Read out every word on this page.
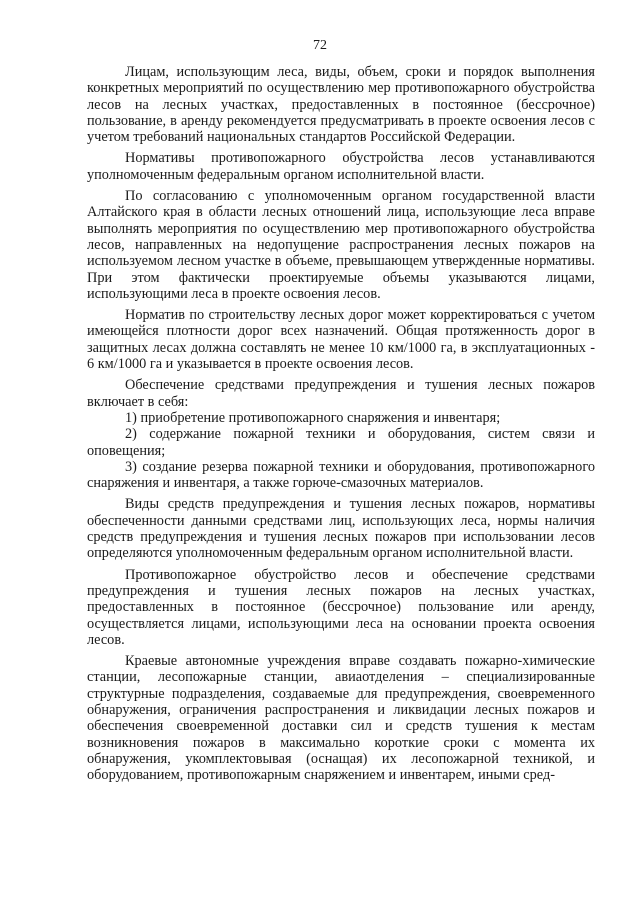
72

Лицам, использующим леса, виды, объем, сроки и порядок выполнения конкретных мероприятий по осуществлению мер противопожарного обустройства лесов на лесных участках, предоставленных в постоянное (бессрочное) пользование, в аренду рекомендуется предусматривать в проекте освоения лесов с учетом требований национальных стандартов Российской Федерации.

Нормативы противопожарного обустройства лесов устанавливаются уполномоченным федеральным органом исполнительной власти.

По согласованию с уполномоченным органом государственной власти Алтайского края в области лесных отношений лица, использующие леса вправе выполнять мероприятия по осуществлению мер противопожарного обустройства лесов, направленных на недопущение распространения лесных пожаров на используемом лесном участке в объеме, превышающем утвержденные нормативы. При этом фактически проектируемые объемы указываются лицами, использующими леса в проекте освоения лесов.

Норматив по строительству лесных дорог может корректироваться с учетом имеющейся плотности дорог всех назначений. Общая протяженность дорог в защитных лесах должна составлять не менее 10 км/1000 га, в эксплуатационных - 6 км/1000 га и указывается в проекте освоения лесов.

Обеспечение средствами предупреждения и тушения лесных пожаров включает в себя:

1) приобретение противопожарного снаряжения и инвентаря;

2) содержание пожарной техники и оборудования, систем связи и оповещения;

3) создание резерва пожарной техники и оборудования, противопожарного снаряжения и инвентаря, а также горюче-смазочных материалов.

Виды средств предупреждения и тушения лесных пожаров, нормативы обеспеченности данными средствами лиц, использующих леса, нормы наличия средств предупреждения и тушения лесных пожаров при использовании лесов определяются уполномоченным федеральным органом исполнительной власти.

Противопожарное обустройство лесов и обеспечение средствами предупреждения и тушения лесных пожаров на лесных участках, предоставленных в постоянное (бессрочное) пользование или аренду, осуществляется лицами, использующими леса на основании проекта освоения лесов.

Краевые автономные учреждения вправе создавать пожарно-химические станции, лесопожарные станции, авиаотделения – специализированные структурные подразделения, создаваемые для предупреждения, своевременного обнаружения, ограничения распространения и ликвидации лесных пожаров и обеспечения своевременной доставки сил и средств тушения к местам возникновения пожаров в максимально короткие сроки с момента их обнаружения, укомплектовывая (оснащая) их лесопожарной техникой, и оборудованием, противопожарным снаряжением и инвентарем, иными сред-
